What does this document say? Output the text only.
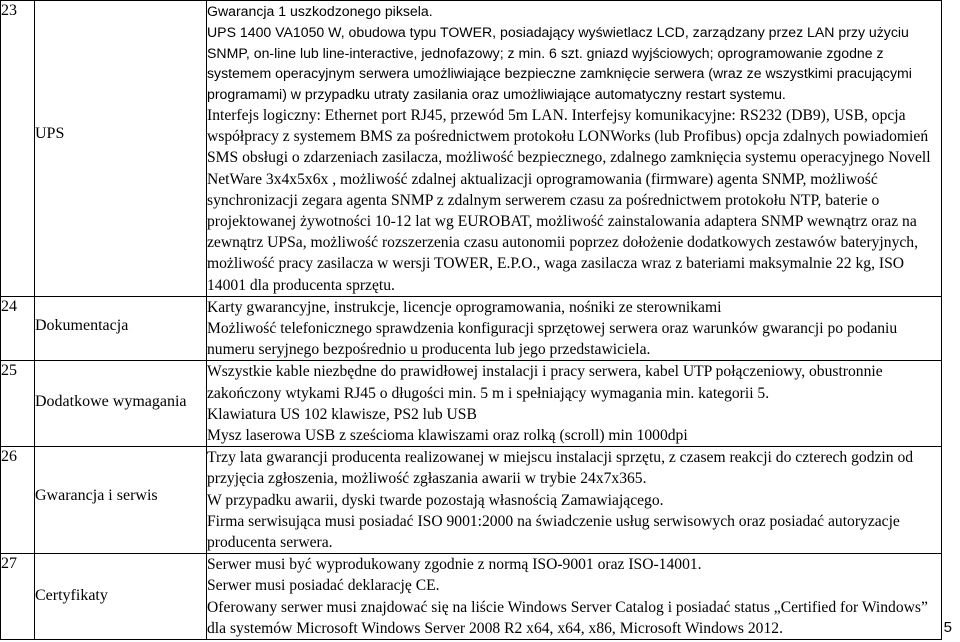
23	UPS	Gwarancja 1 uszkodzonego piksela.

UPS 1400 VA1050 W, obudowa typu TOWER, posiadający wyświetlacz LCD, zarządzany przez LAN przy użyciu SNMP, on-line lub line-interactive, jednofazowy; z min. 6 szt. gniazd wyjściowych; oprogramowanie zgodne z systemem operacyjnym serwera umożliwiające bezpieczne zamknięcie serwera (wraz ze wszystkimi pracującymi programami) w przypadku utraty zasilania oraz umożliwiające automatyczny restart systemu.

Interfejs logiczny: Ethernet port RJ45, przewód 5m LAN. Interfejsy komunikacyjne: RS232 (DB9), USB, opcja współpracy z systemem BMS za pośrednictwem protokołu LONWorks (lub Profibus) opcja zdalnych powiadomień SMS obsługi o zdarzeniach zasilacza, możliwość bezpiecznego, zdalnego zamknięcia systemu operacyjnego Novell NetWare 3x4x5x6x , możliwość zdalnej aktualizacji oprogramowania (firmware) agenta SNMP, możliwość synchronizacji zegara agenta SNMP z zdalnym serwerem czasu za pośrednictwem protokołu NTP, baterie o projektowanej żywotności 10-12 lat wg EUROBAT, możliwość zainstalowania adaptera SNMP wewnątrz oraz na zewnątrz UPSa, możliwość rozszerzenia czasu autonomii poprzez dołożenie dodatkowych zestawów bateryjnych, możliwość pracy zasilacza w wersji TOWER, E.P.O., waga zasilacza wraz z bateriami maksymalnie 22 kg, ISO 14001 dla producenta sprzętu.

24	Dokumentacja	Karty gwarancyjne, instrukcje, licencje oprogramowania, nośniki ze sterownikami

Możliwość telefonicznego sprawdzenia konfiguracji sprzętowej serwera oraz warunków gwarancji po podaniu numeru seryjnego bezpośrednio u producenta lub jego przedstawiciela.

25	Dodatkowe wymagania	Wszystkie kable niezbędne do prawidłowej instalacji i pracy serwera, kabel UTP połączeniowy, obustronnie zakończony wtykami RJ45 o długości min. 5 m i spełniający wymagania min. kategorii 5.

Klawiatura US 102 klawisze, PS2 lub USB

Mysz laserowa USB z sześcioma klawiszami oraz rolką (scroll) min 1000dpi

26	Gwarancja i serwis	Trzy lata gwarancji producenta realizowanej w miejscu instalacji sprzętu, z czasem reakcji do czterech godzin od przyjęcia zgłoszenia, możliwość zgłaszania awarii w trybie 24x7x365.

W przypadku awarii, dyski twarde pozostają własnością Zamawiającego.

Firma serwisująca musi posiadać ISO 9001:2000 na świadczenie usług serwisowych oraz posiadać autoryzacje producenta serwera.

27	Certyfikaty	Serwer musi być wyprodukowany zgodnie z normą ISO-9001 oraz ISO-14001.

Serwer musi posiadać deklarację CE.

Oferowany serwer musi znajdować się na liście Windows Server Catalog i posiadać status „Certified for Windows” dla systemów Microsoft Windows Server 2008 R2 x64, x64, x86, Microsoft Windows 2012.	5
